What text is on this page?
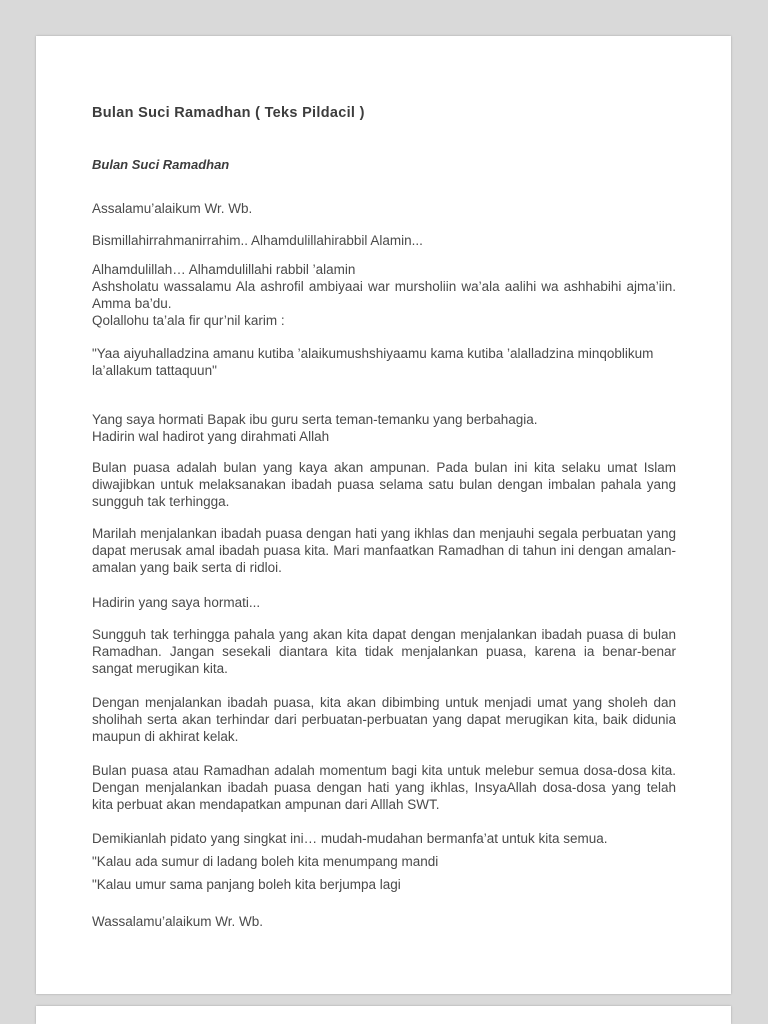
Bulan Suci Ramadhan ( Teks Pildacil )
Bulan Suci Ramadhan
Assalamu’alaikum Wr. Wb.
Bismillahirrahmanirrahim.. Alhamdulillahirabbil Alamin...
Alhamdulillah… Alhamdulillahi rabbil ’alamin
Ashsholatu wassalamu Ala ashrofil ambiyaai war mursholiin wa’ala aalihi wa ashhabihi ajma’iin. Amma ba’du.
Qolallohu ta’ala fir qur’nil karim :
"Yaa aiyuhalladzina amanu kutiba ’alaikumushshiyaamu kama kutiba ’alalladzina minqoblikum la’allakum tattaquun"
Yang saya hormati Bapak ibu guru serta teman-temanku yang berbahagia.
Hadirin wal hadirot yang dirahmati Allah
Bulan puasa adalah bulan yang kaya akan ampunan. Pada bulan ini kita selaku umat Islam diwajibkan untuk melaksanakan ibadah puasa selama satu bulan dengan imbalan pahala yang sungguh tak terhingga.
Marilah menjalankan ibadah puasa dengan hati yang ikhlas dan menjauhi segala perbuatan yang dapat merusak amal ibadah puasa kita. Mari manfaatkan Ramadhan di tahun ini dengan amalan-amalan yang baik serta di ridloi.
Hadirin yang saya hormati...
Sungguh tak terhingga pahala yang akan kita dapat dengan menjalankan ibadah puasa di bulan Ramadhan. Jangan sesekali diantara kita tidak menjalankan puasa, karena ia benar-benar sangat merugikan kita.
Dengan menjalankan ibadah puasa, kita akan dibimbing untuk menjadi umat yang sholeh dan sholihah serta akan terhindar dari perbuatan-perbuatan yang dapat merugikan kita, baik didunia maupun di akhirat kelak.
Bulan puasa atau Ramadhan adalah momentum bagi kita untuk melebur semua dosa-dosa kita. Dengan menjalankan ibadah puasa dengan hati yang ikhlas, InsyaAllah dosa-dosa yang telah kita perbuat akan mendapatkan ampunan dari Alllah SWT.
Demikianlah pidato yang singkat ini… mudah-mudahan bermanfa’at untuk kita semua.
"Kalau ada sumur di ladang boleh kita menumpang mandi
"Kalau umur sama panjang boleh kita berjumpa lagi
Wassalamu’alaikum Wr. Wb.
